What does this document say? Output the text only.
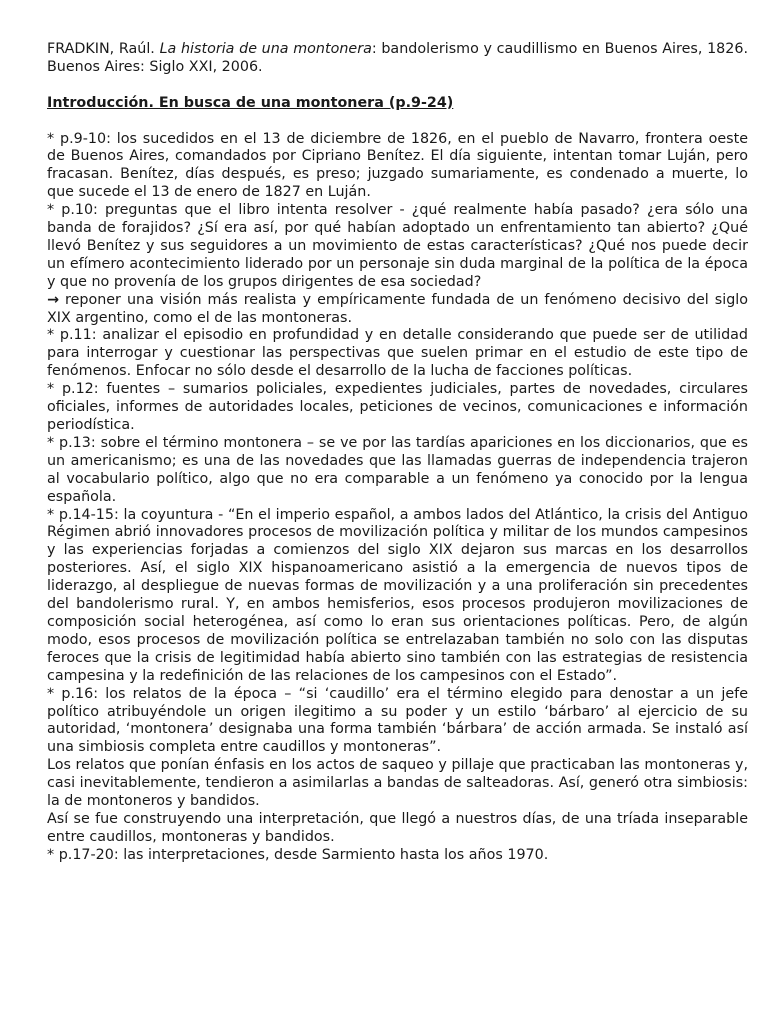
FRADKIN, Raúl. La historia de una montonera: bandolerismo y caudillismo en Buenos Aires, 1826. Buenos Aires: Siglo XXI, 2006.

Introducción. En busca de una montonera (p.9-24)

* p.9-10: los sucedidos en el 13 de diciembre de 1826, en el pueblo de Navarro, frontera oeste de Buenos Aires, comandados por Cipriano Benítez. El día siguiente, intentan tomar Luján, pero fracasan. Benítez, días después, es preso; juzgado sumariamente, es condenado a muerte, lo que sucede el 13 de enero de 1827 en Luján.

* p.10: preguntas que el libro intenta resolver - ¿qué realmente había pasado? ¿era sólo una banda de forajidos? ¿Sí era así, por qué habían adoptado un enfrentamiento tan abierto? ¿Qué llevó Benítez y sus seguidores a un movimiento de estas características? ¿Qué nos puede decir un efímero acontecimiento liderado por un personaje sin duda marginal de la política de la época y que no provenía de los grupos dirigentes de esa sociedad?

→ reponer una visión más realista y empíricamente fundada de un fenómeno decisivo del siglo XIX argentino, como el de las montoneras.

* p.11: analizar el episodio en profundidad y en detalle considerando que puede ser de utilidad para interrogar y cuestionar las perspectivas que suelen primar en el estudio de este tipo de fenómenos. Enfocar no sólo desde el desarrollo de la lucha de facciones políticas.

* p.12: fuentes – sumarios policiales, expedientes judiciales, partes de novedades, circulares oficiales, informes de autoridades locales, peticiones de vecinos, comunicaciones e información periodística.

* p.13: sobre el término montonera – se ve por las tardías apariciones en los diccionarios, que es un americanismo; es una de las novedades que las llamadas guerras de independencia trajeron al vocabulario político, algo que no era comparable a un fenómeno ya conocido por la lengua española.

* p.14-15: la coyuntura - “En el imperio español, a ambos lados del Atlántico, la crisis del Antiguo Régimen abrió innovadores procesos de movilización política y militar de los mundos campesinos y las experiencias forjadas a comienzos del siglo XIX dejaron sus marcas en los desarrollos posteriores. Así, el siglo XIX hispanoamericano asistió a la emergencia de nuevos tipos de liderazgo, al despliegue de nuevas formas de movilización y a una proliferación sin precedentes del bandolerismo rural. Y, en ambos hemisferios, esos procesos produjeron movilizaciones de composición social heterogénea, así como lo eran sus orientaciones políticas. Pero, de algún modo, esos procesos de movilización política se entrelazaban también no solo con las disputas feroces que la crisis de legitimidad había abierto sino también con las estrategias de resistencia campesina y la redefinición de las relaciones de los campesinos con el Estado”.

* p.16: los relatos de la época – “si ‘caudillo’ era el término elegido para denostar a un jefe político atribuyéndole un origen ilegitimo a su poder y un estilo ‘bárbaro’ al ejercicio de su autoridad, ‘montonera’ designaba una forma también ‘bárbara’ de acción armada. Se instaló así una simbiosis completa entre caudillos y montoneras”.

Los relatos que ponían énfasis en los actos de saqueo y pillaje que practicaban las montoneras y, casi inevitablemente, tendieron a asimilarlas a bandas de salteadoras. Así, generó otra simbiosis: la de montoneros y bandidos.

Así se fue construyendo una interpretación, que llegó a nuestros días, de una tríada inseparable entre caudillos, montoneras y bandidos.

* p.17-20: las interpretaciones, desde Sarmiento hasta los años 1970.
